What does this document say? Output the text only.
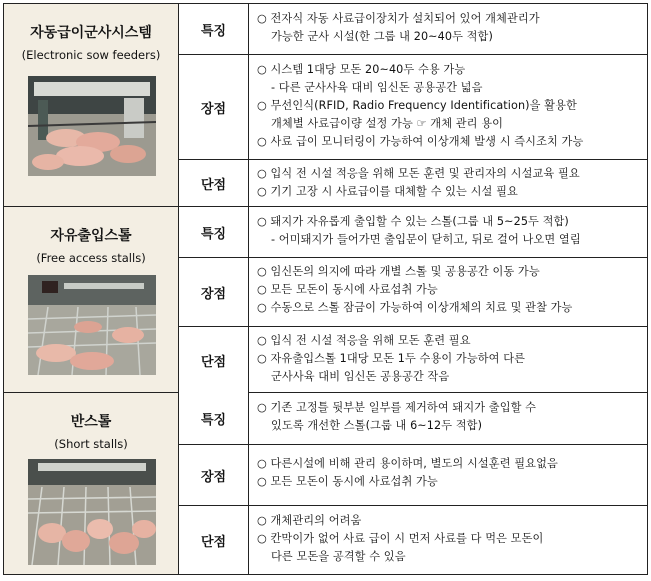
자동급이군사시스템
(Electronic sow feeders)
특징
○ 전자식 자동 사료급이장치가 설치되어 있어 개체관리가
가능한 군사 시설(한 그룹 내 20~40두 적합)
장점
○ 시스템 1대당 모돈 20~40두 수용 가능
- 다른 군사사육 대비 임신돈 공용공간 넓음
○ 무선인식(RFID, Radio Frequency Identification)을 활용한
개체별 사료급이량 설정 가능 ☞ 개체 관리 용이
○ 사료 급이 모니터링이 가능하여 이상개체 발생 시 즉시조치 가능
단점
○ 입식 전 시설 적응을 위해 모돈 훈련 및 관리자의 시설교육 필요
○ 기기 고장 시 사료급이를 대체할 수 있는 시설 필요
자유출입스톨
(Free access stalls)
특징
○ 돼지가 자유롭게 출입할 수 있는 스톨(그룹 내 5~25두 적합)
- 어미돼지가 들어가면 출입문이 닫히고, 뒤로 걸어 나오면 열림
장점
○ 임신돈의 의지에 따라 개별 스톨 및 공용공간 이동 가능
○ 모든 모돈이 동시에 사료섭취 가능
○ 수동으로 스톨 잠금이 가능하여 이상개체의 치료 및 관찰 가능
단점
○ 입식 전 시설 적응을 위해 모돈 훈련 필요
○ 자유출입스톨 1대당 모돈 1두 수용이 가능하여 다른
군사사육 대비 임신돈 공용공간 작음
반스톨
(Short stalls)
특징
○ 기존 고정틀 뒷부분 일부를 제거하여 돼지가 출입할 수
있도록 개선한 스톨(그룹 내 6~12두 적합)
장점
○ 다른시설에 비해 관리 용이하며, 별도의 시설훈련 필요없음
○ 모든 모돈이 동시에 사료섭취 가능
단점
○ 개체관리의 어려움
○ 칸막이가 없어 사료 급이 시 먼저 사료를 다 먹은 모돈이
다른 모돈을 공격할 수 있음
